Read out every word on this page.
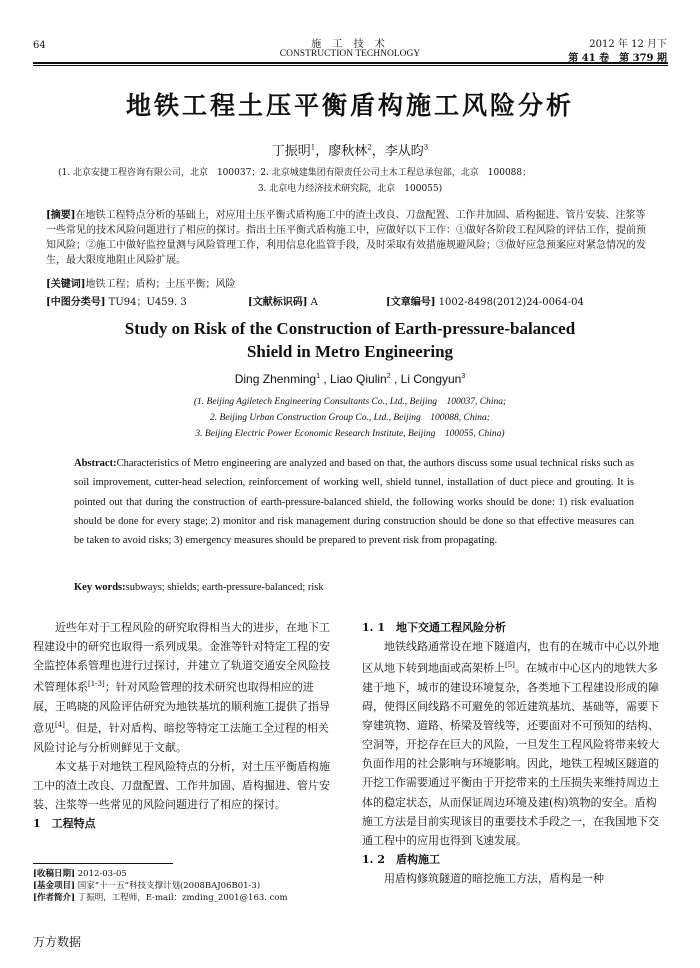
64	施 工 技 术
CONSTRUCTION TECHNOLOGY
2012 年 12 月下
第 41 卷　第 379 期
地铁工程土压平衡盾构施工风险分析
丁振明$^1$，廖秋林$^2$，李从昀$^3$
(1. 北京安捷工程咨询有限公司，北京　100037；2. 北京城建集团有限责任公司土木工程总承包部，北京　100088；
3. 北京电力经济技术研究院，北京　100055)
[摘要]在地铁工程特点分析的基础上，对应用土压平衡式盾构施工中的渣土改良、刀盘配置、工作井加固、盾构掘进、管片安装、注浆等一些常见的技术风险问题进行了相应的探讨。指出土压平衡式盾构施工中，应做好以下工作：①做好各阶段工程风险的评估工作，提前预知风险；②施工中做好监控量测与风险管理工作，利用信息化监管手段，及时采取有效措施规避风险；③做好应急预案应对紧急情况的发生，最大限度地阻止风险扩展。
[关键词]地铁工程；盾构；土压平衡；风险
[中图分类号] TU94；U459. 3	[文献标识码] A	[文章编号] 1002-8498(2012)24-0064-04
Study on Risk of the Construction of Earth-pressure-balanced
Shield in Metro Engineering
Ding Zhenming$^1$ , Liao Qiulin$^2$ , Li Congyun$^3$
(1. Beijing Agiletech Engineering Consultants Co., Ltd., Beijing　100037, China;
2. Beijing Urban Construction Group Co., Ltd., Beijing　100088, China;
3. Beijing Electric Power Economic Research Institute, Beijing　100055, China)
Abstract:Characteristics of Metro engineering are analyzed and based on that, the authors discuss some usual technical risks such as soil improvement, cutter-head selection, reinforcement of working well, shield tunnel, installation of duct piece and grouting. It is pointed out that during the construction of earth-pressure-balanced shield, the following works should be done: 1) risk evaluation should be done for every stage; 2) monitor and risk management during construction should be done so that effective measures can be taken to avoid risks; 3) emergency measures should be prepared to prevent risk from propagating.
Key words:subways; shields; earth-pressure-balanced; risk

近些年对于工程风险的研究取得相当大的进步，在地下工程建设中的研究也取得一系列成果。金淮等针对特定工程的安全监控体系管理也进行过探讨，并建立了轨道交通安全风险技术管理体系[1-3]；针对风险管理的技术研究也取得相应的进展，王鸣晓的风险评估研究为地铁基坑的顺利施工提供了指导意见[4]。但是，针对盾构、暗挖等特定工法施工全过程的相关风险讨论与分析则鲜见于文献。

本文基于对地铁工程风险特点的分析，对土压平衡盾构施工中的渣土改良、刀盘配置、工作井加固、盾构掘进、管片安装、注浆等一些常见的风险问题进行了相应的探讨。

1　工程特点

1. 1　地下交通工程风险分析

地铁线路通常设在地下隧道内，也有的在城市中心以外地区从地下转到地面或高架桥上[5]。在城市中心区内的地铁大多建于地下，城市的建设环境复杂，各类地下工程建设形成的障碍，使得区间线路不可避免的邻近建筑基坑、基础等，需要下穿建筑物、道路、桥梁及管线等，还要面对不可预知的结构、空洞等，开挖存在巨大的风险，一旦发生工程风险将带来较大负面作用的社会影响与环境影响。因此，地铁工程城区隧道的开挖工作需要通过平衡由于开挖带来的土压损失来维持周边土体的稳定状态，从而保证周边环境及建(构)筑物的安全。盾构施工方法是目前实现该目的重要技术手段之一，在我国地下交通工程中的应用也得到飞速发展。

1. 2　盾构施工

用盾构修筑隧道的暗挖施工方法，盾构是一种

[收稿日期] 2012-03-05
[基金项目] 国家“十一五”科技支撑计划(2008BAJ06B01-3)
[作者简介] 丁振明，工程师，E-mail：zmding_2001@163. com
万方数据
